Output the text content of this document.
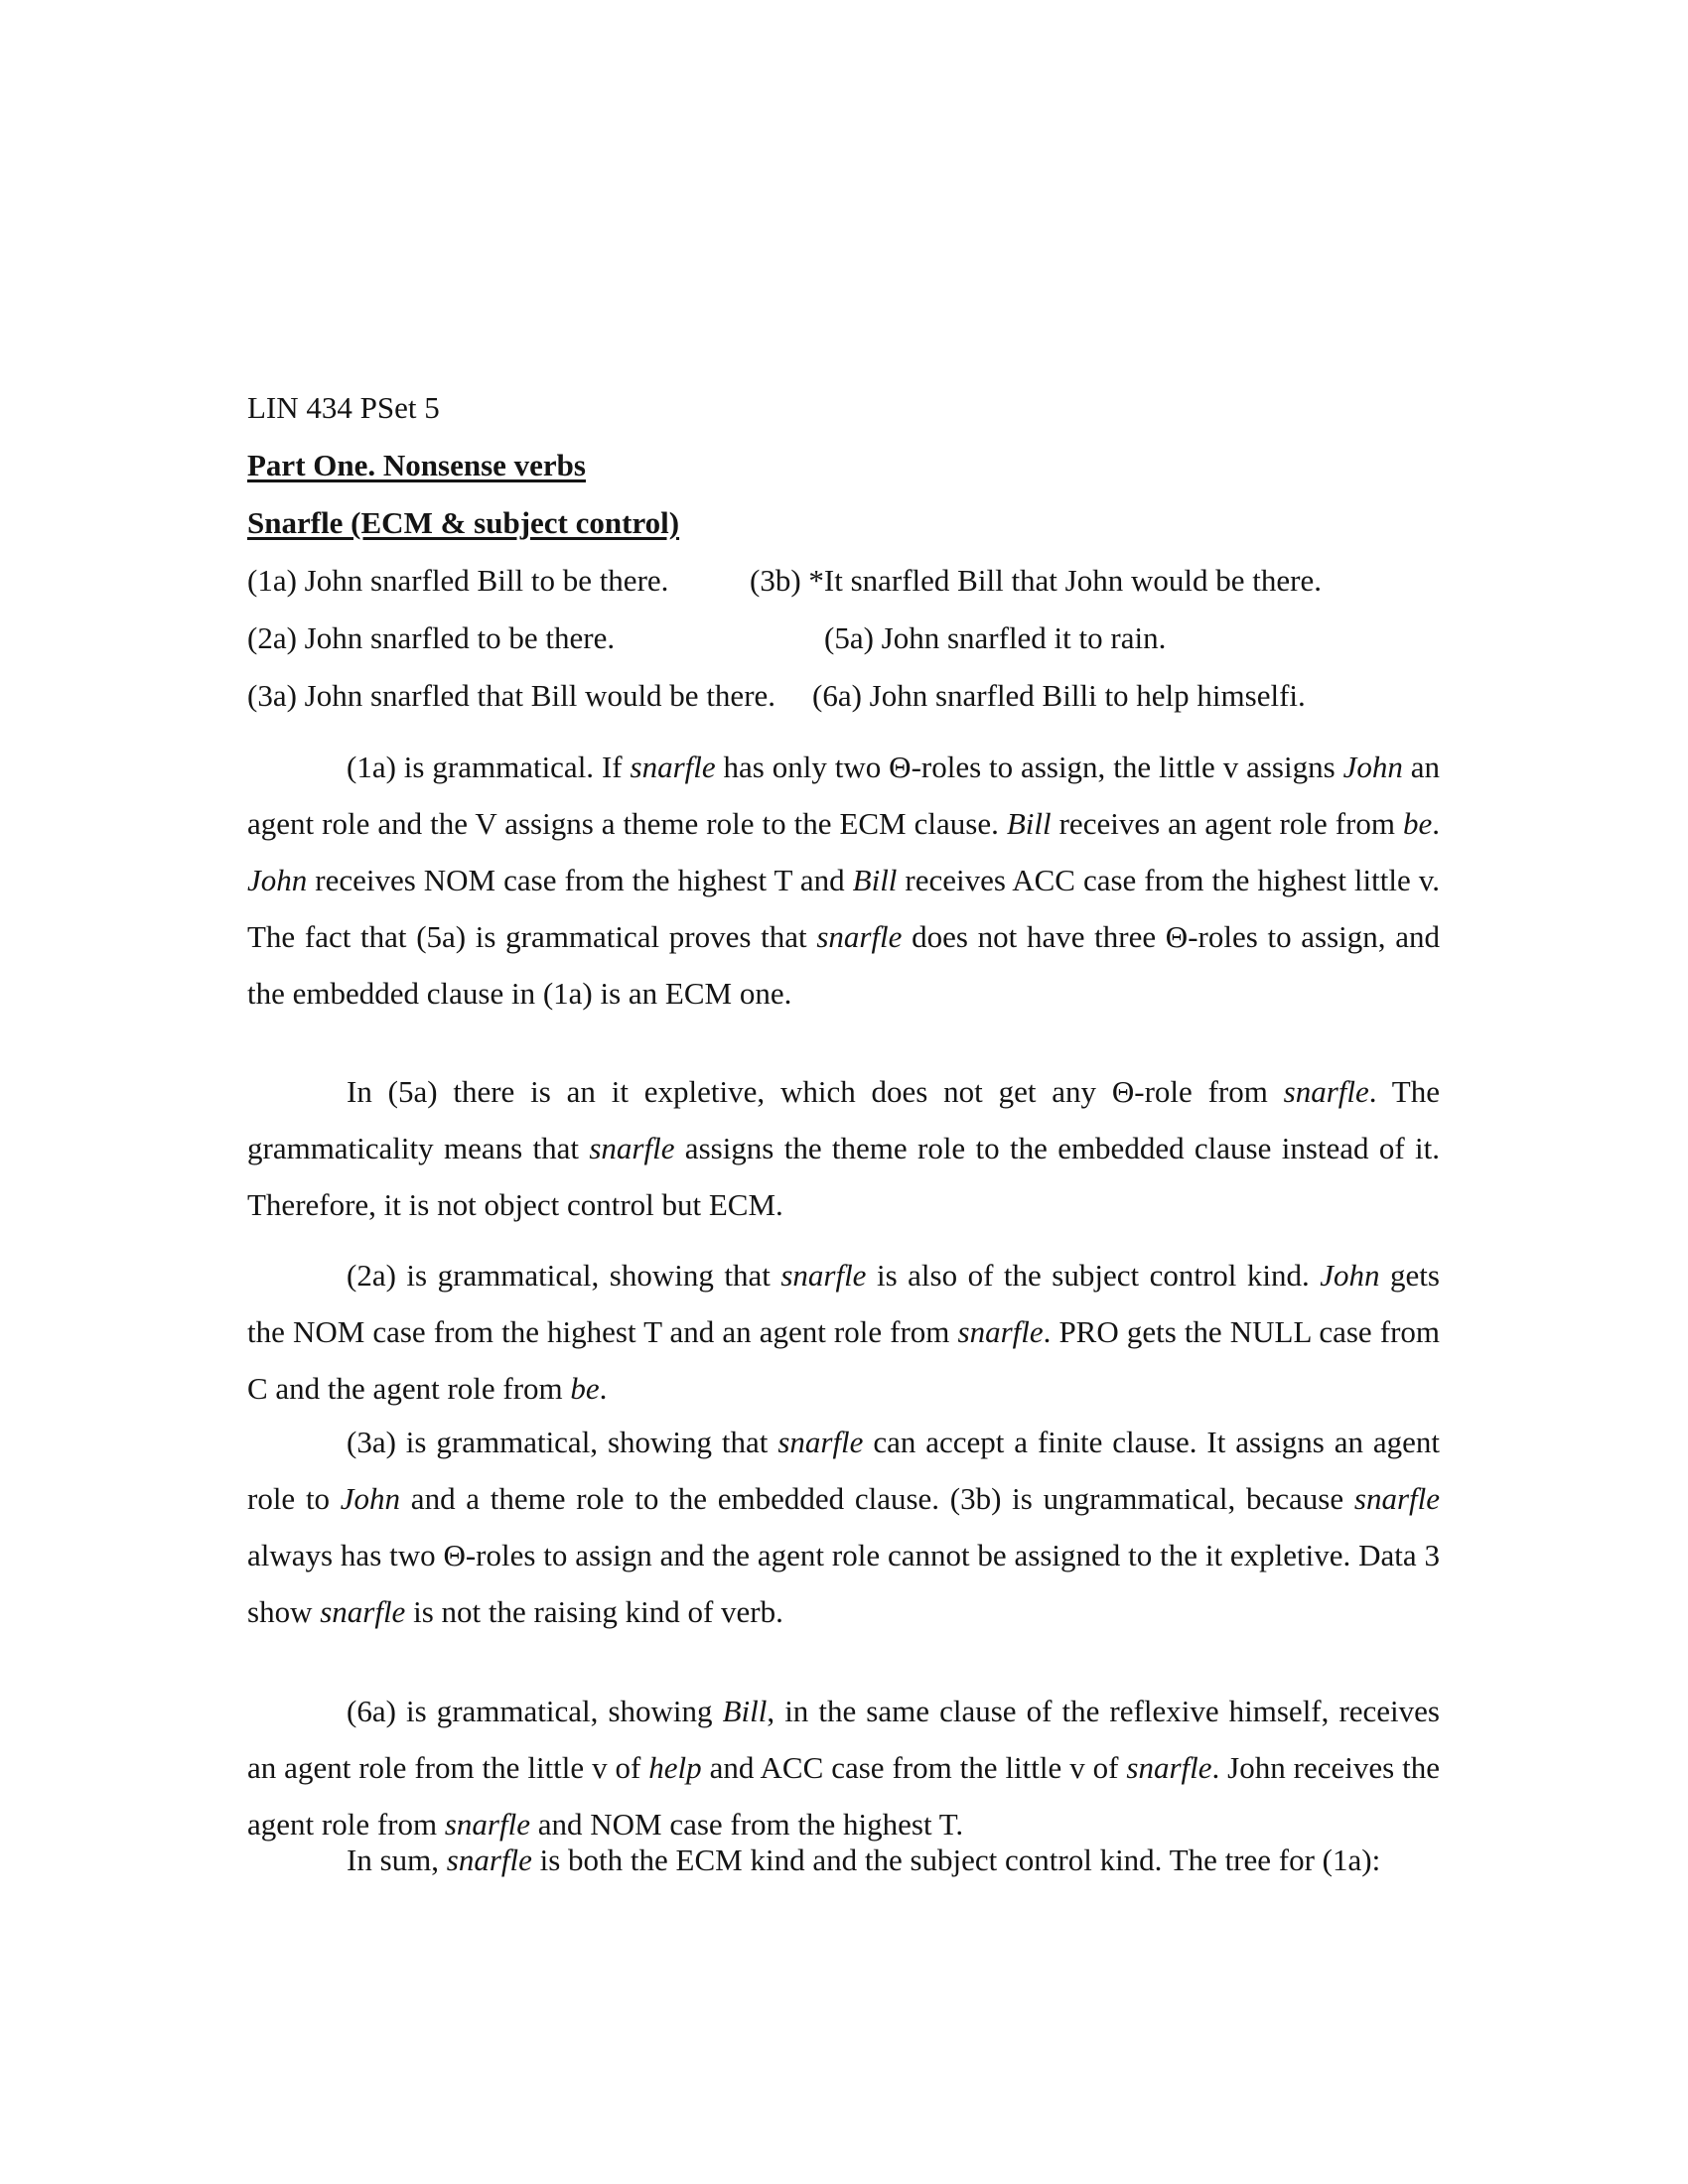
LIN 434 PSet 5
Part One. Nonsense verbs
Snarfle (ECM & subject control)
(1a) John snarfled Bill to be there.	(3b) *It snarfled Bill that John would be there.
(2a) John snarfled to be there.	(5a) John snarfled it to rain.
(3a) John snarfled that Bill would be there. (6a) John snarfled Billi to help himselfi.

(1a) is grammatical. If snarfle has only two Θ-roles to assign, the little v assigns John an agent role and the V assigns a theme role to the ECM clause. Bill receives an agent role from be. John receives NOM case from the highest T and Bill receives ACC case from the highest little v. The fact that (5a) is grammatical proves that snarfle does not have three Θ-roles to assign, and the embedded clause in (1a) is an ECM one.

In (5a) there is an it expletive, which does not get any Θ-role from snarfle. The grammaticality means that snarfle assigns the theme role to the embedded clause instead of it. Therefore, it is not object control but ECM.

(2a) is grammatical, showing that snarfle is also of the subject control kind. John gets the NOM case from the highest T and an agent role from snarfle. PRO gets the NULL case from C and the agent role from be.

(3a) is grammatical, showing that snarfle can accept a finite clause. It assigns an agent role to John and a theme role to the embedded clause. (3b) is ungrammatical, because snarfle always has two Θ-roles to assign and the agent role cannot be assigned to the it expletive. Data 3 show snarfle is not the raising kind of verb.

(6a) is grammatical, showing Bill, in the same clause of the reflexive himself, receives an agent role from the little v of help and ACC case from the little v of snarfle. John receives the agent role from snarfle and NOM case from the highest T.

In sum, snarfle is both the ECM kind and the subject control kind. The tree for (1a):
